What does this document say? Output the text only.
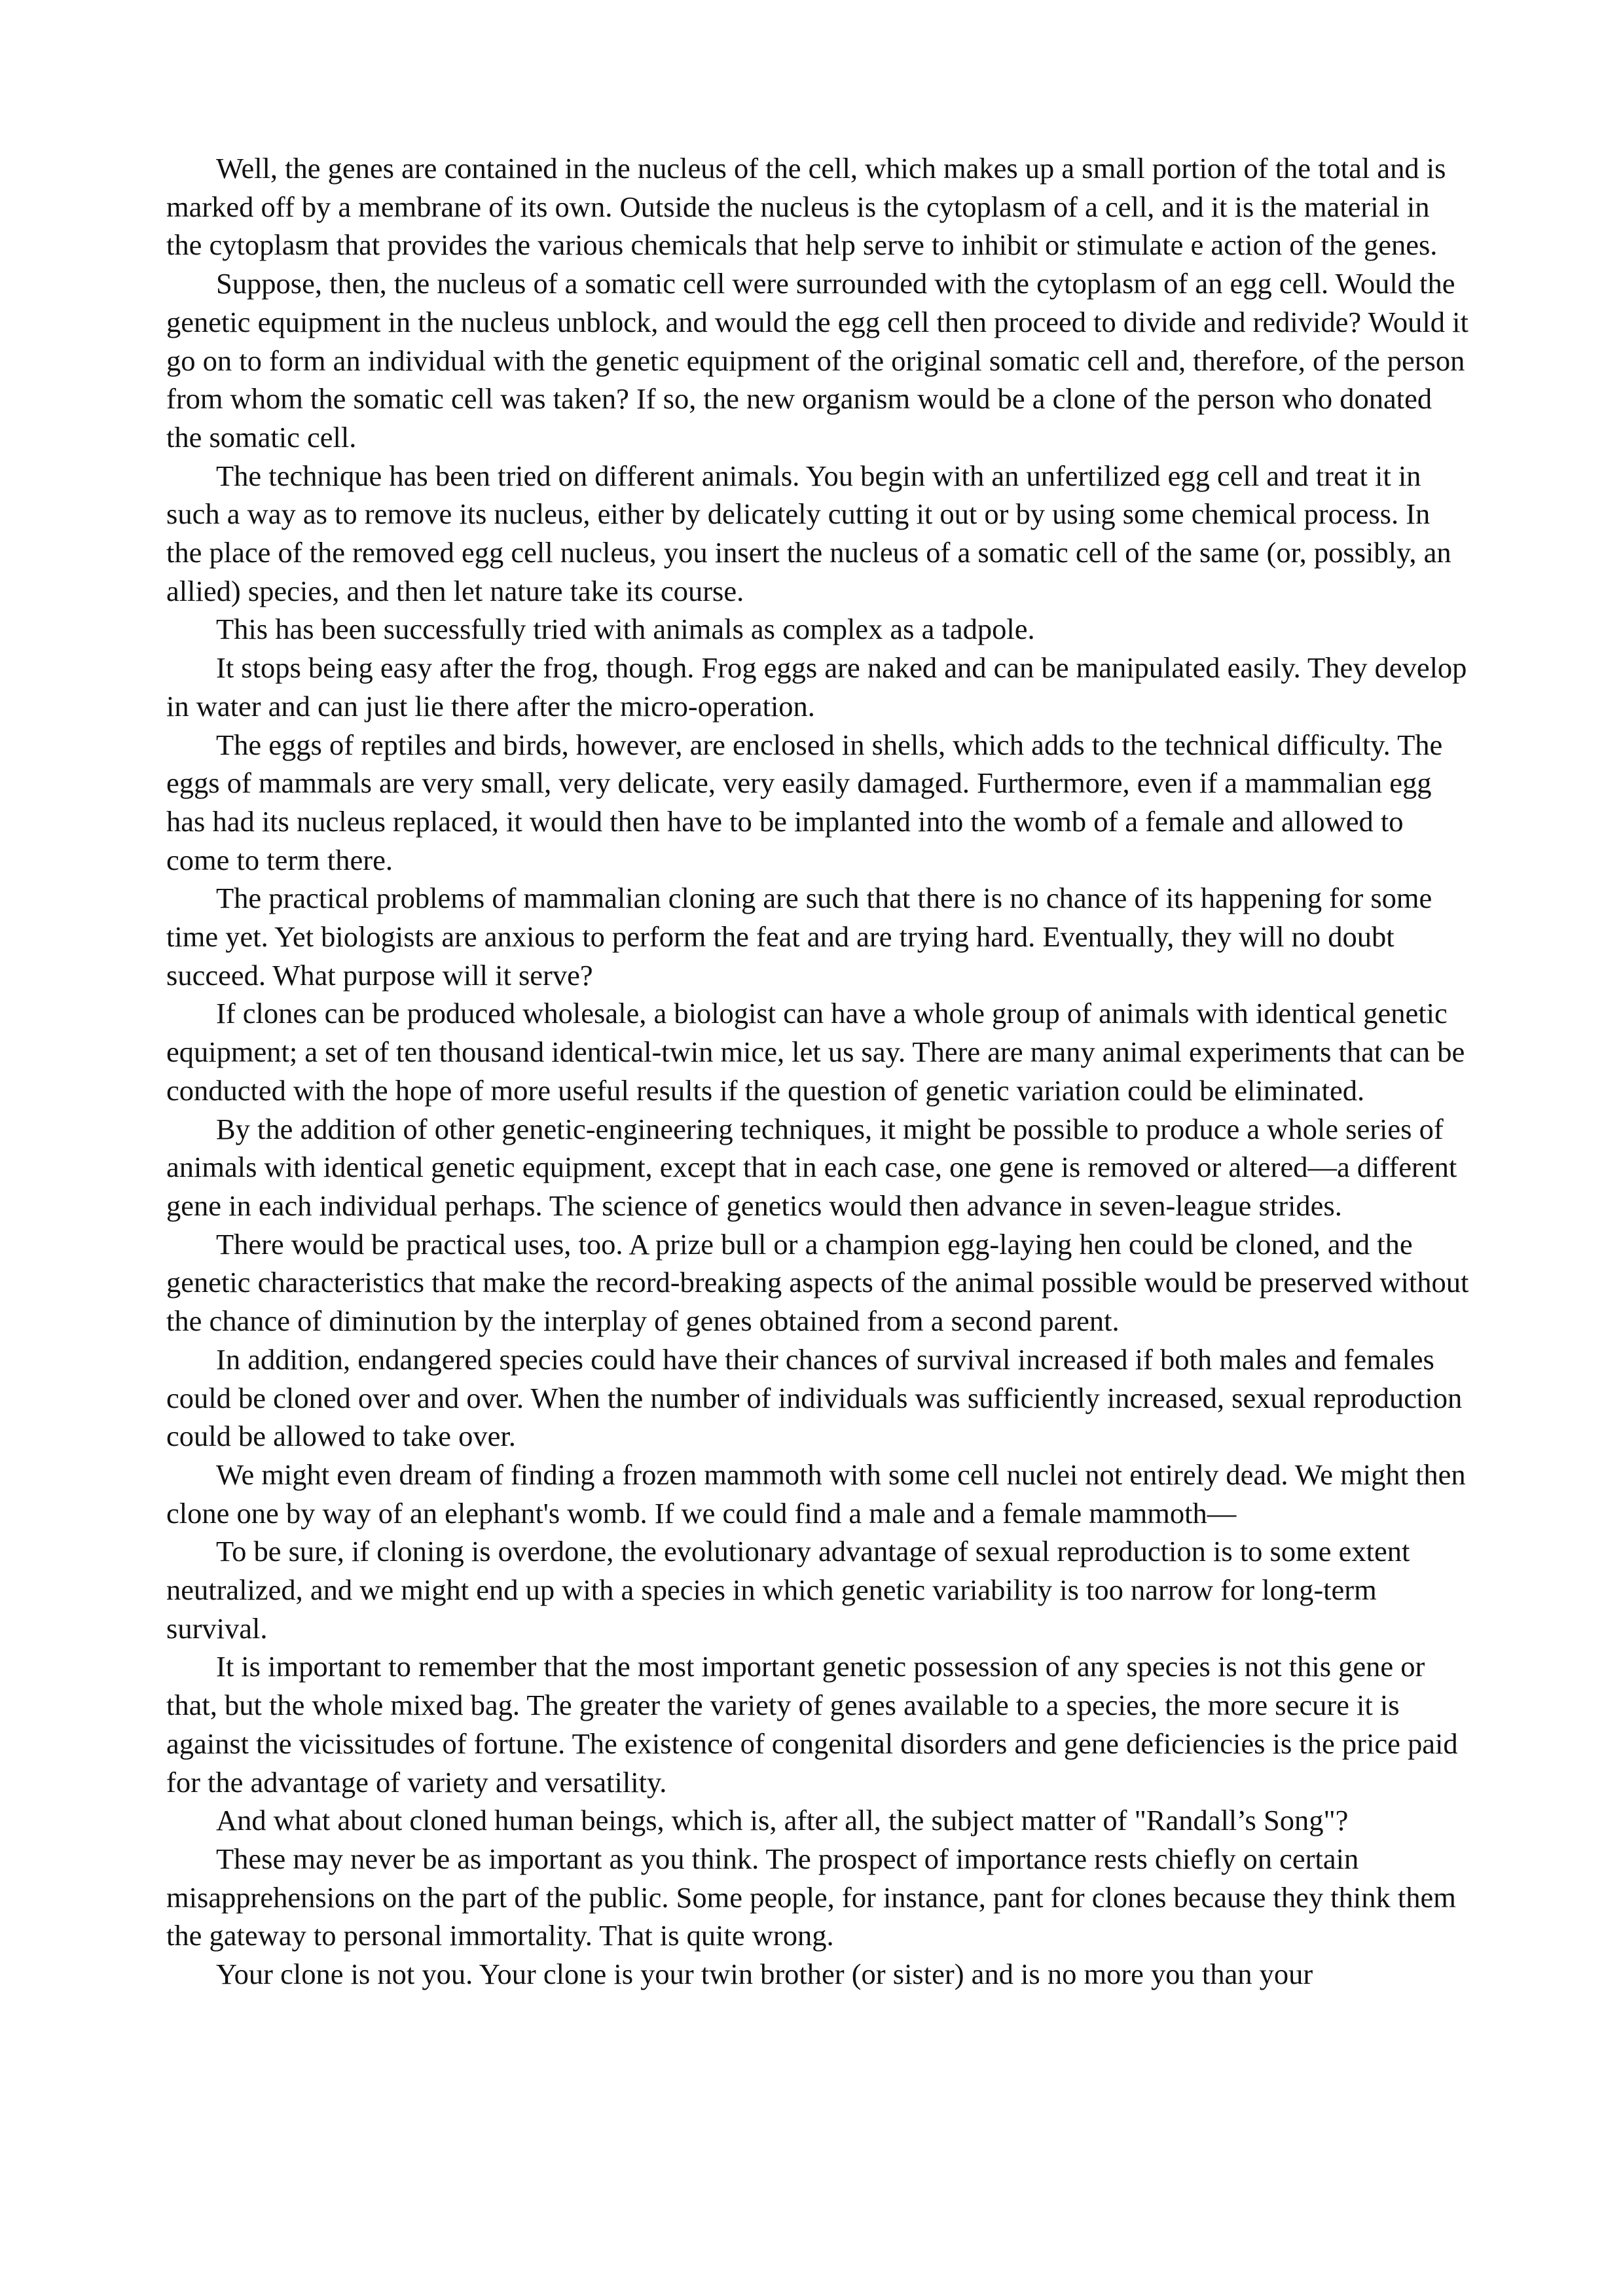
Well, the genes are contained in the nucleus of the cell, which makes up a small portion of the total and is marked off by a membrane of its own. Outside the nucleus is the cytoplasm of a cell, and it is the material in the cytoplasm that provides the various chemicals that help serve to inhibit or stimulate e action of the genes.

Suppose, then, the nucleus of a somatic cell were surrounded with the cytoplasm of an egg cell. Would the genetic equipment in the nucleus unblock, and would the egg cell then proceed to divide and redivide? Would it go on to form an individual with the genetic equipment of the original somatic cell and, therefore, of the person from whom the somatic cell was taken? If so, the new organism would be a clone of the person who donated the somatic cell.

The technique has been tried on different animals. You begin with an unfertilized egg cell and treat it in such a way as to remove its nucleus, either by delicately cutting it out or by using some chemical process. In the place of the removed egg cell nucleus, you insert the nucleus of a somatic cell of the same (or, possibly, an allied) species, and then let nature take its course.

This has been successfully tried with animals as complex as a tadpole.

It stops being easy after the frog, though. Frog eggs are naked and can be manipulated easily. They develop in water and can just lie there after the micro-operation.

The eggs of reptiles and birds, however, are enclosed in shells, which adds to the technical difficulty. The eggs of mammals are very small, very delicate, very easily damaged. Furthermore, even if a mammalian egg has had its nucleus replaced, it would then have to be implanted into the womb of a female and allowed to come to term there.

The practical problems of mammalian cloning are such that there is no chance of its happening for some time yet. Yet biologists are anxious to perform the feat and are trying hard. Eventually, they will no doubt succeed. What purpose will it serve?

If clones can be produced wholesale, a biologist can have a whole group of animals with identical genetic equipment; a set of ten thousand identical-twin mice, let us say. There are many animal experiments that can be conducted with the hope of more useful results if the question of genetic variation could be eliminated.

By the addition of other genetic-engineering techniques, it might be possible to produce a whole series of animals with identical genetic equipment, except that in each case, one gene is removed or altered—a different gene in each individual perhaps. The science of genetics would then advance in seven-league strides.

There would be practical uses, too. A prize bull or a champion egg-laying hen could be cloned, and the genetic characteristics that make the record-breaking aspects of the animal possible would be preserved without the chance of diminution by the interplay of genes obtained from a second parent.

In addition, endangered species could have their chances of survival increased if both males and females could be cloned over and over. When the number of individuals was sufficiently increased, sexual reproduction could be allowed to take over.

We might even dream of finding a frozen mammoth with some cell nuclei not entirely dead. We might then clone one by way of an elephant's womb. If we could find a male and a female mammoth—

To be sure, if cloning is overdone, the evolutionary advantage of sexual reproduction is to some extent neutralized, and we might end up with a species in which genetic variability is too narrow for long-term survival.

It is important to remember that the most important genetic possession of any species is not this gene or that, but the whole mixed bag. The greater the variety of genes available to a species, the more secure it is against the vicissitudes of fortune. The existence of congenital disorders and gene deficiencies is the price paid for the advantage of variety and versatility.

And what about cloned human beings, which is, after all, the subject matter of "Randall’s Song"?

These may never be as important as you think. The prospect of importance rests chiefly on certain misapprehensions on the part of the public. Some people, for instance, pant for clones because they think them the gateway to personal immortality. That is quite wrong.

Your clone is not you. Your clone is your twin brother (or sister) and is no more you than your
